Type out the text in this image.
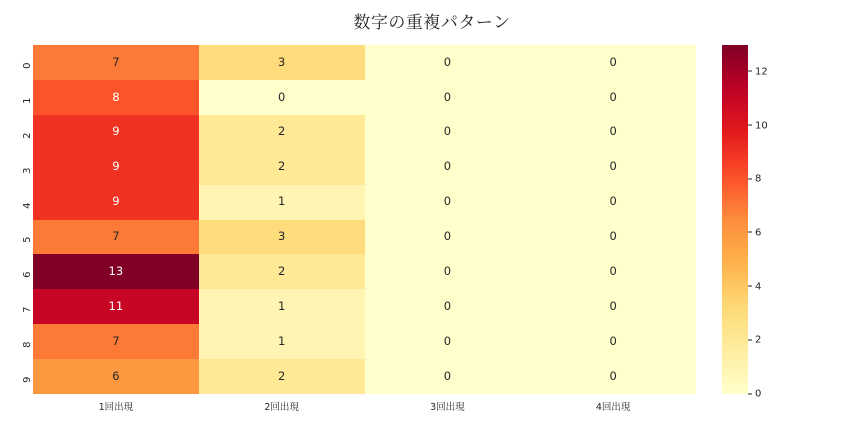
数字の重複パターン
7	3	0	0
8	0	0	0
9	2	0	0
9	2	0	0
9	1	0	0
7	3	0	0
13	2	0	0
11	1	0	0
7	1	0	0
6	2	0	0
0
1
2
3
4
5
6
7
8
9
1回出現	2回出現	3回出現	4回出現
0
2
4
6
8
10
12
